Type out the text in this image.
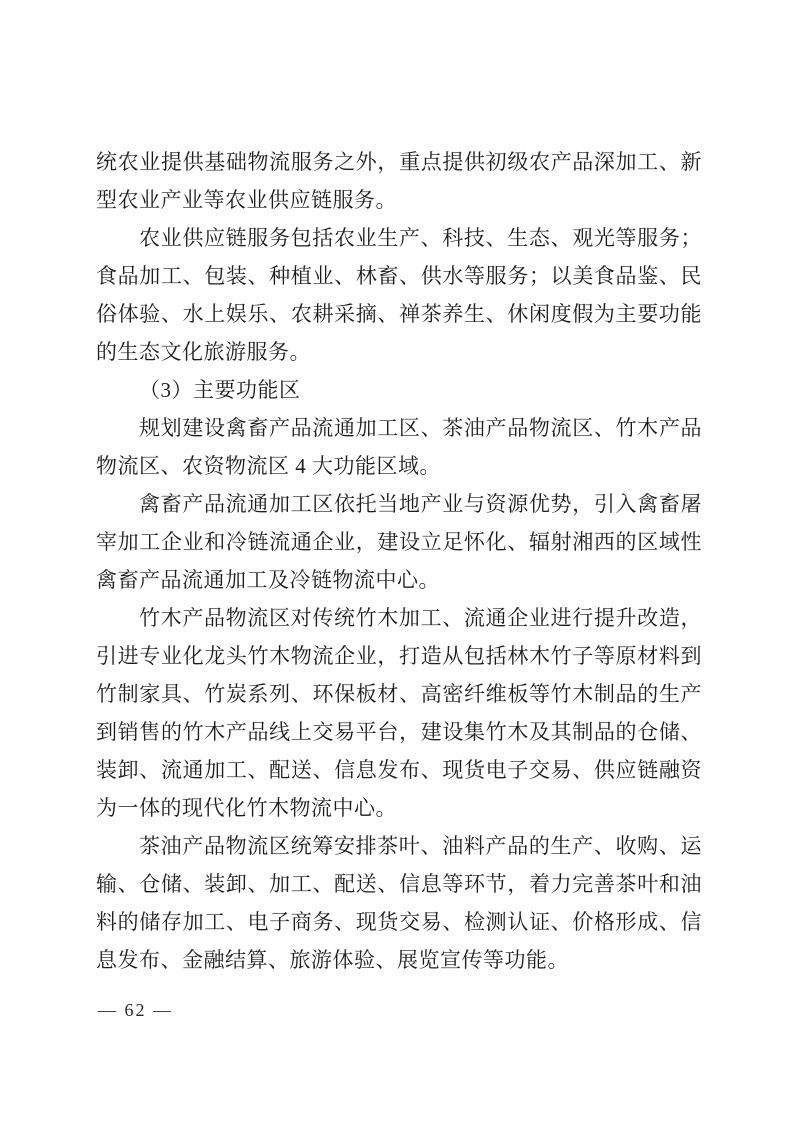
统农业提供基础物流服务之外，重点提供初级农产品深加工、新
型农业产业等农业供应链服务。
农业供应链服务包括农业生产、科技、生态、观光等服务；
食品加工、包装、种植业、林畜、供水等服务；以美食品鉴、民
俗体验、水上娱乐、农耕采摘、禅茶养生、休闲度假为主要功能
的生态文化旅游服务。
（3）主要功能区
规划建设禽畜产品流通加工区、茶油产品物流区、竹木产品
物流区、农资物流区 4 大功能区域。
禽畜产品流通加工区依托当地产业与资源优势，引入禽畜屠
宰加工企业和冷链流通企业，建设立足怀化、辐射湘西的区域性
禽畜产品流通加工及冷链物流中心。
竹木产品物流区对传统竹木加工、流通企业进行提升改造，
引进专业化龙头竹木物流企业，打造从包括林木竹子等原材料到
竹制家具、竹炭系列、环保板材、高密纤维板等竹木制品的生产
到销售的竹木产品线上交易平台，建设集竹木及其制品的仓储、
装卸、流通加工、配送、信息发布、现货电子交易、供应链融资
为一体的现代化竹木物流中心。
茶油产品物流区统筹安排茶叶、油料产品的生产、收购、运
输、仓储、装卸、加工、配送、信息等环节，着力完善茶叶和油
料的储存加工、电子商务、现货交易、检测认证、价格形成、信
息发布、金融结算、旅游体验、展览宣传等功能。
— 62 —
